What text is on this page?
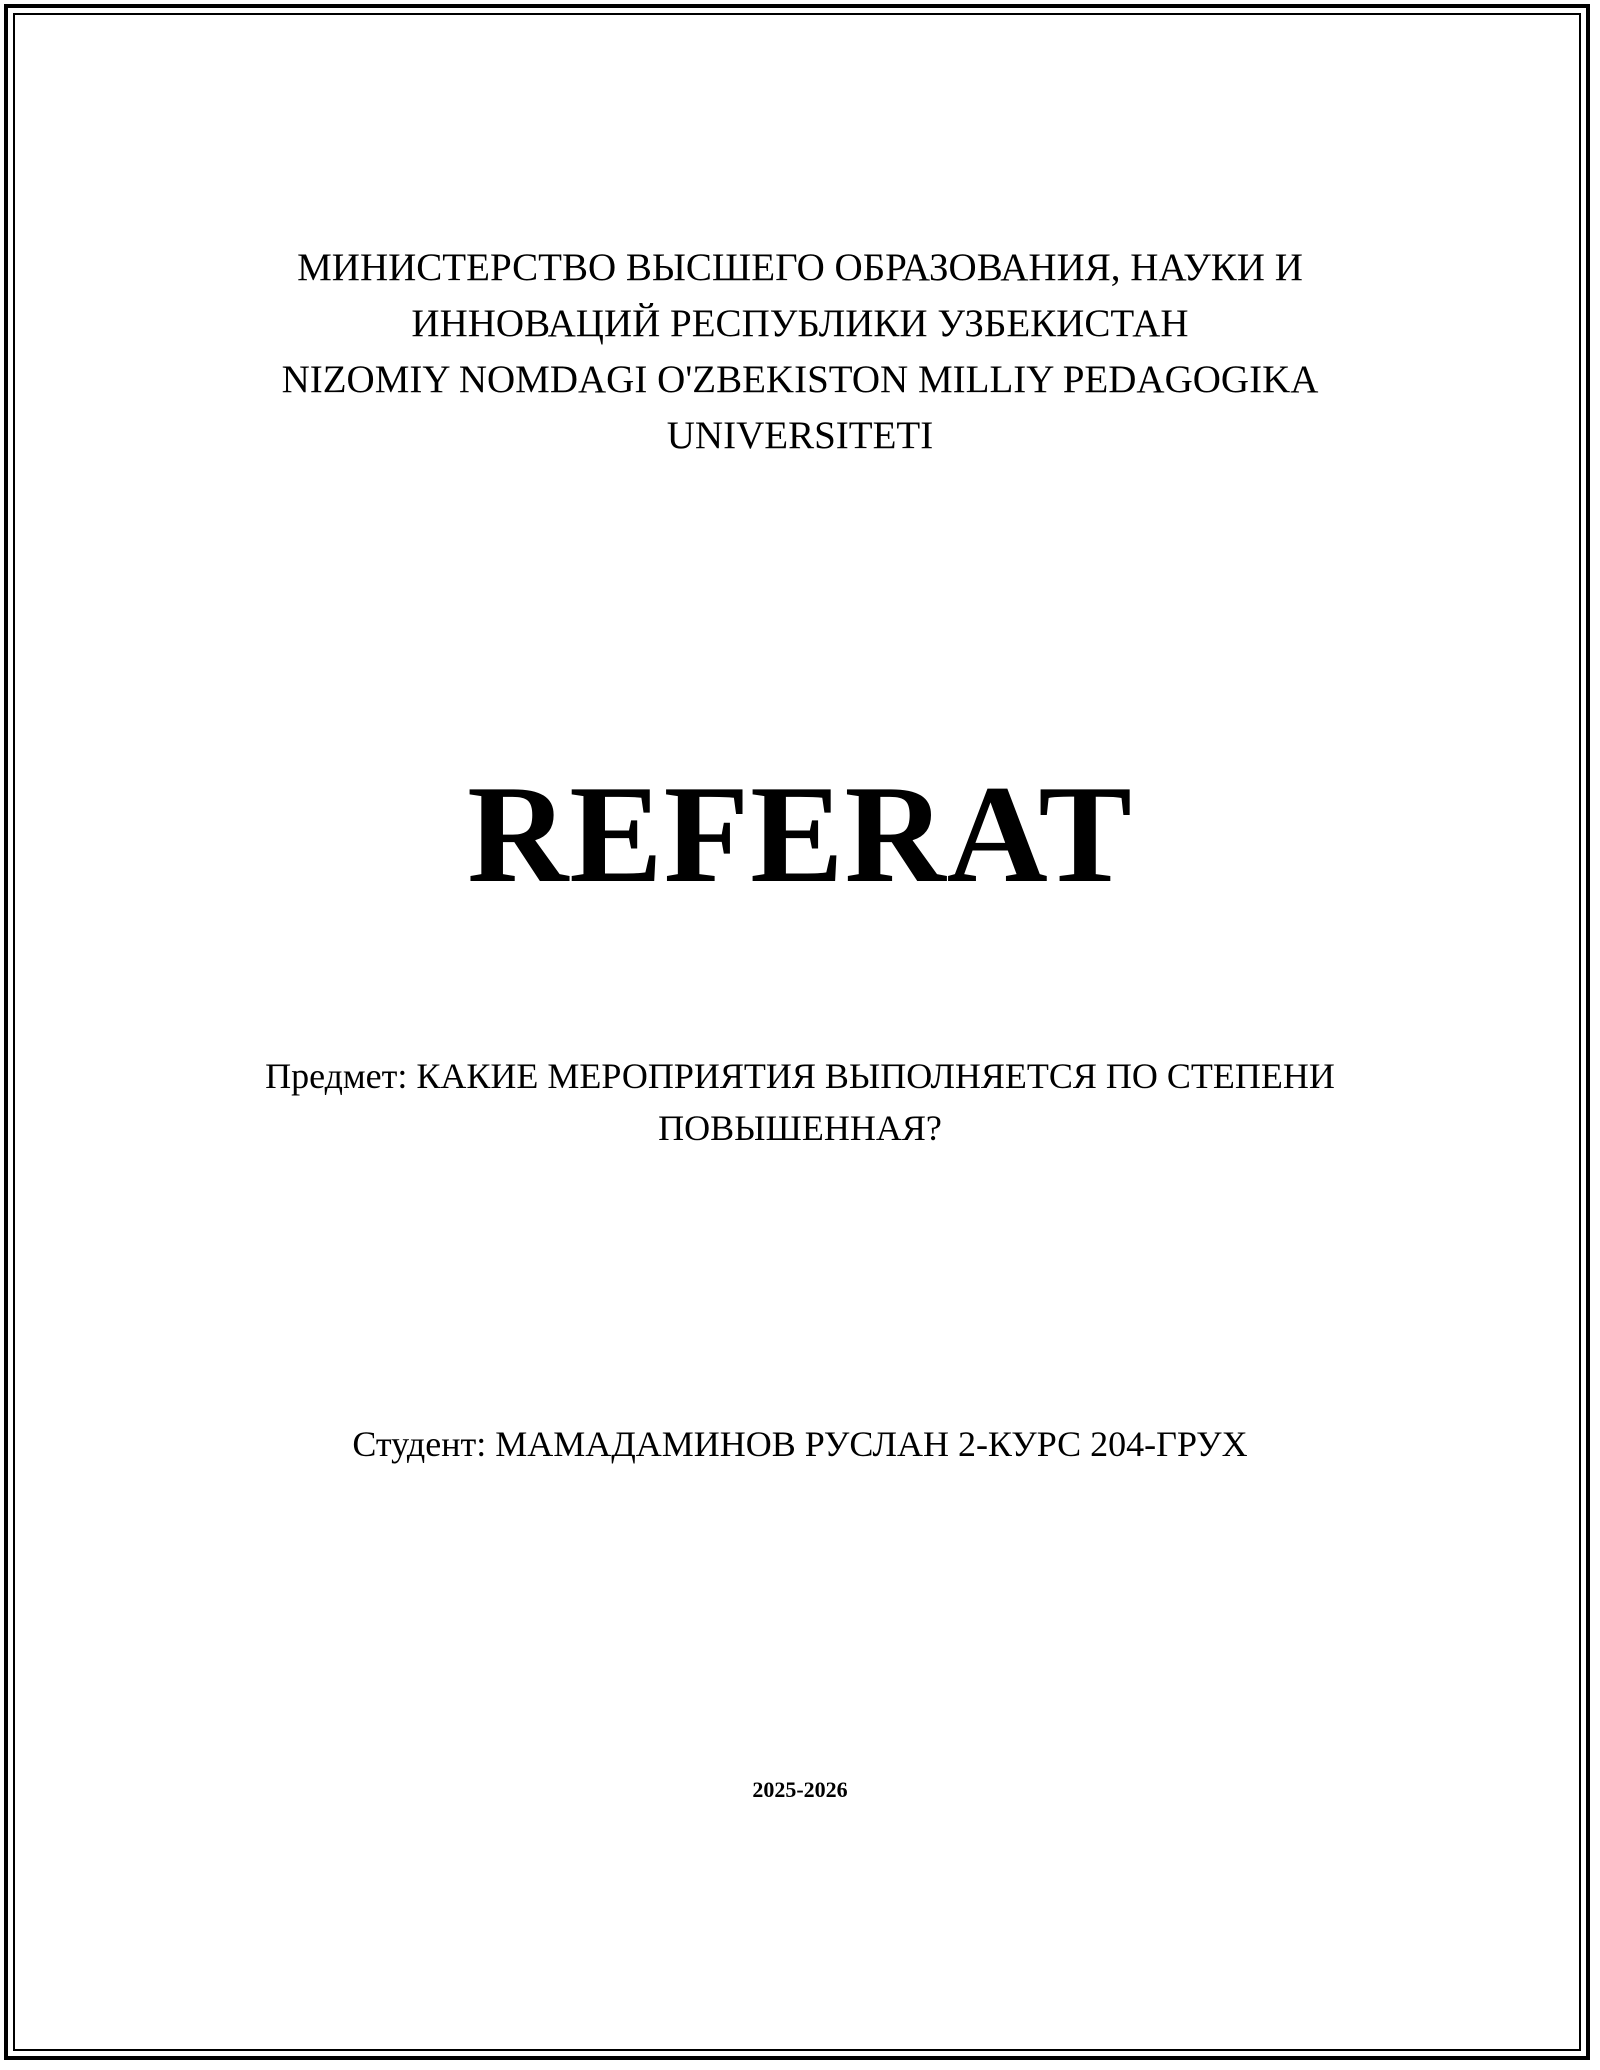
МИНИСТЕРСТВО ВЫСШЕГО ОБРАЗОВАНИЯ, НАУКИ И
ИННОВАЦИЙ РЕСПУБЛИКИ УЗБЕКИСТАН
NIZOMIY NOMDAGI O'ZBEKISTON MILLIY PEDAGOGIKA
UNIVERSITETI
REFERAT
Предмет: КАКИЕ МЕРОПРИЯТИЯ ВЫПОЛНЯЕТСЯ ПО СТЕПЕНИ
ПОВЫШЕННАЯ?
Студент: МАМАДАМИНОВ РУСЛАН 2-КУРС 204-ГРУХ
2025-2026
